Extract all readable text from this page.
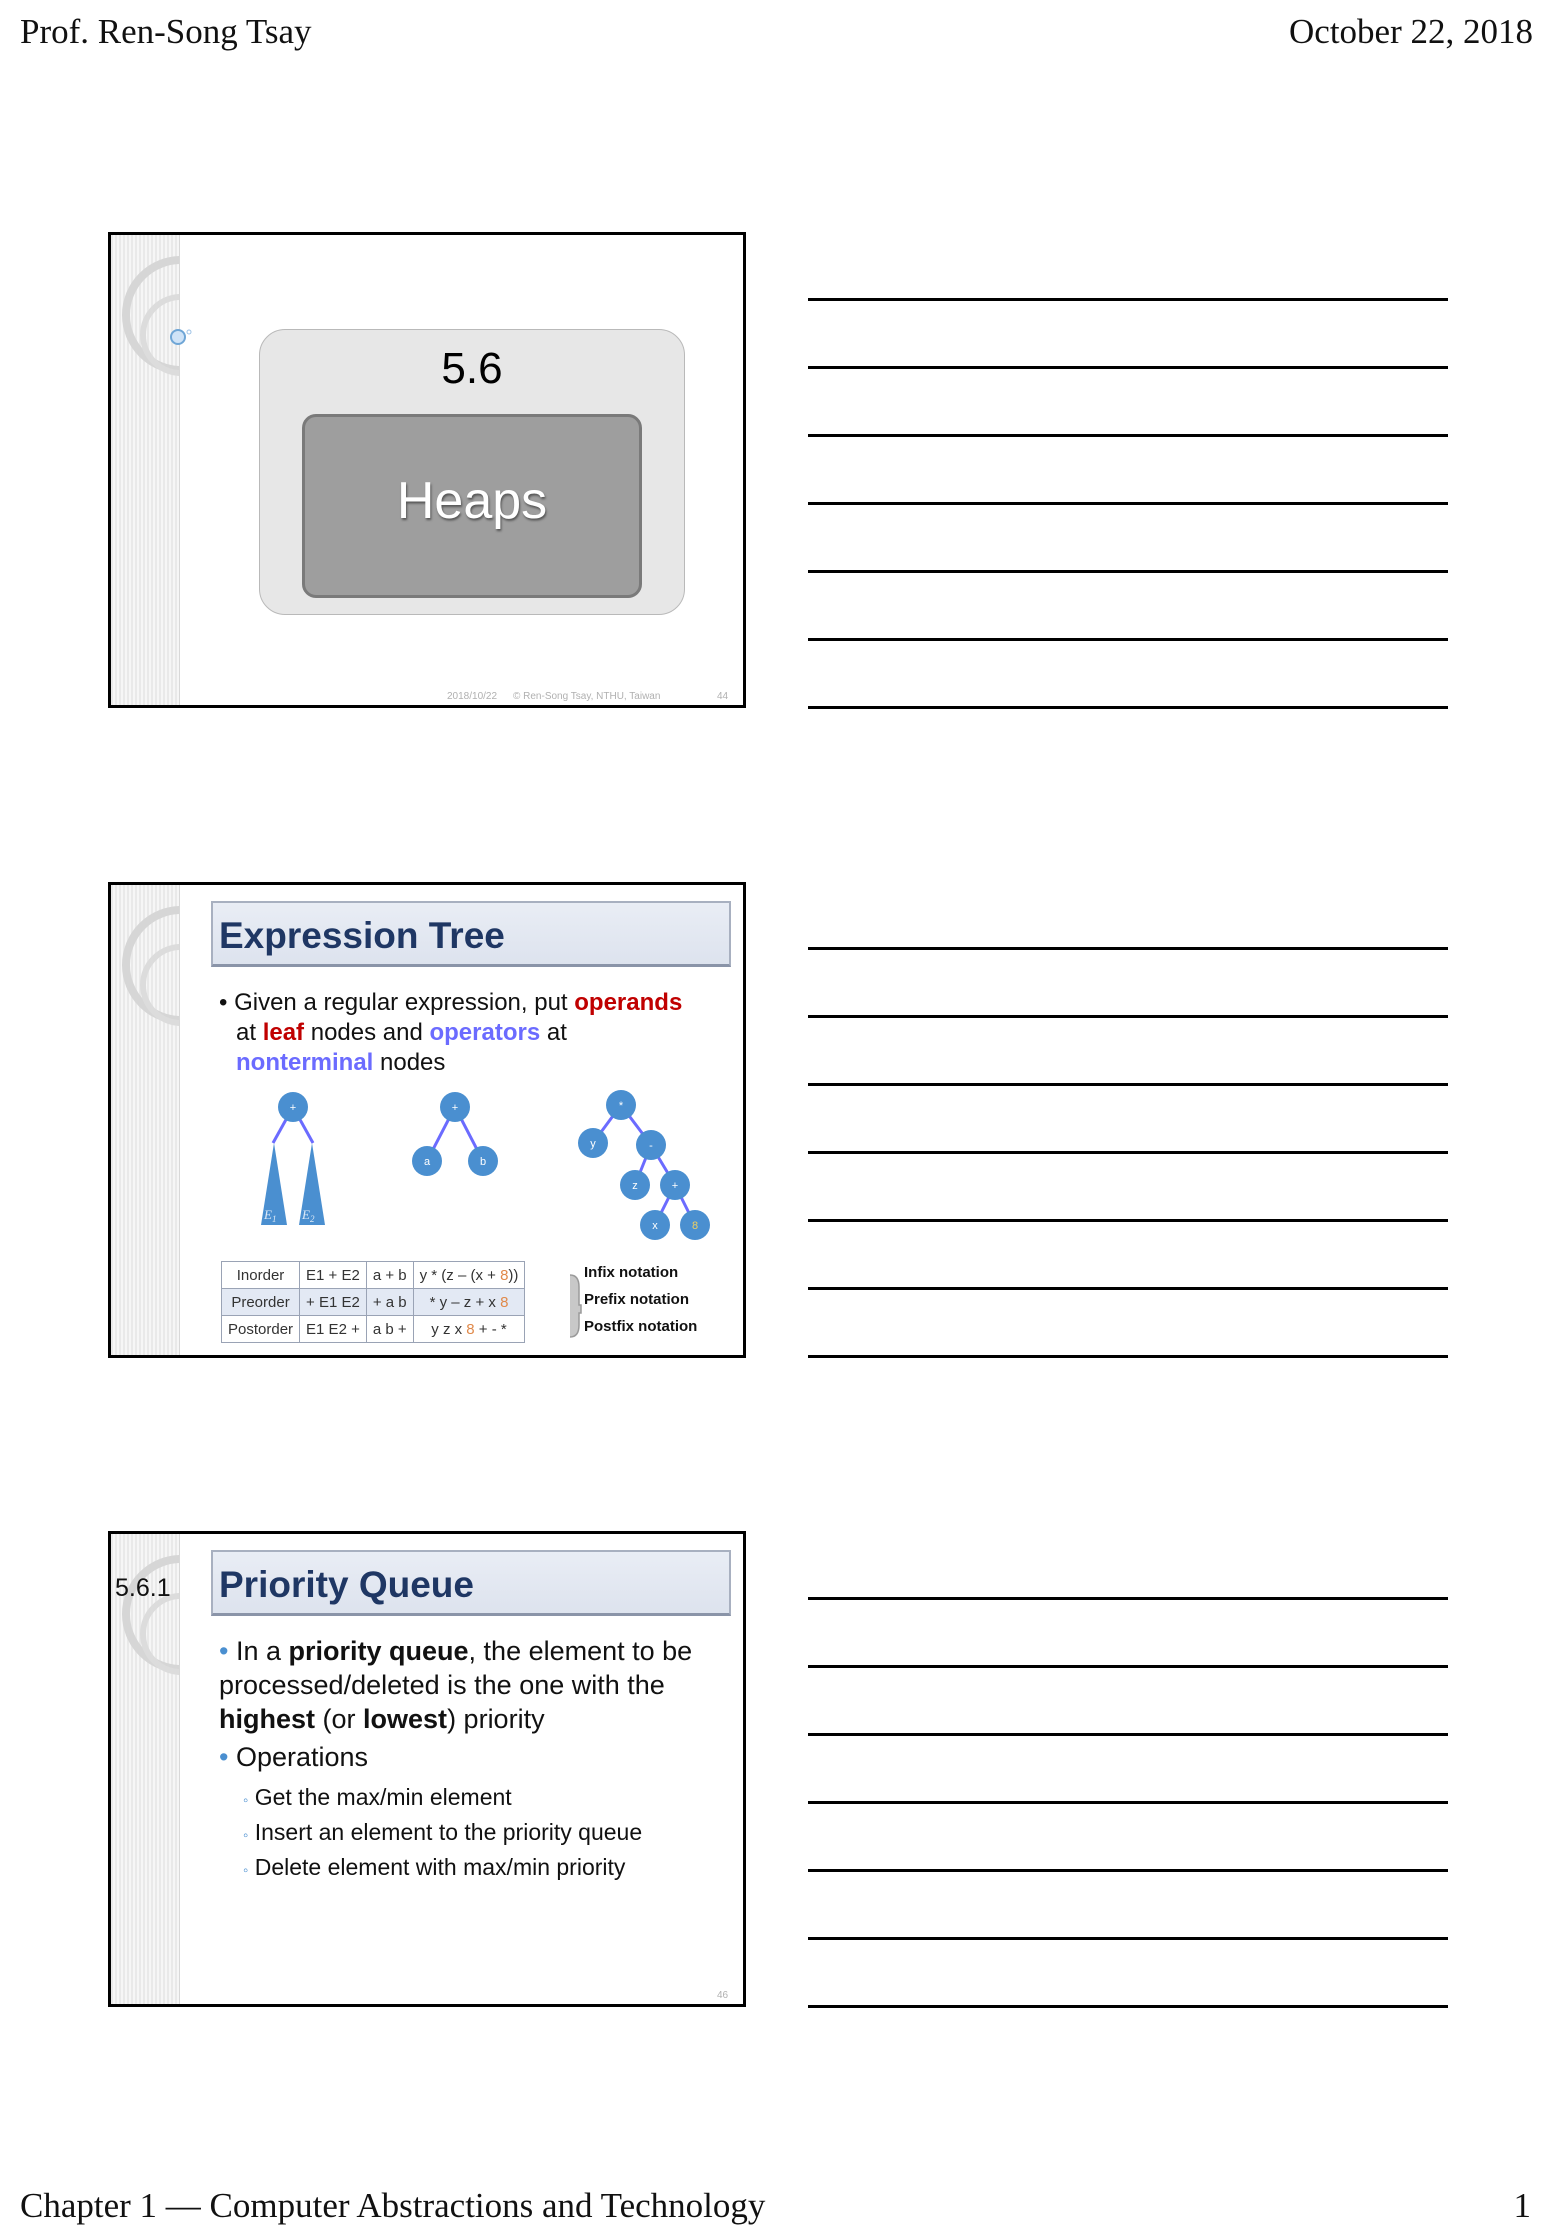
Prof. Ren-Song Tsay	October 22, 2018
5.6
Heaps
2018/10/22 © Ren-Song Tsay, NTHU, Taiwan	44
Expression Tree
• Given a regular expression, put operands
at leaf nodes and operators at
nonterminal nodes
+
$E_1$ $E_2$
+
a	b
*
y	-
z	+
x	8
Inorder	E1 + E2	a + b	y * (z – (x + 8))
Preorder	+ E1 E2	+ a b	* y – z + x 8
Postorder	E1 E2 +	a b +	y z x 8 + - *
Infix notation
Prefix notation
Postfix notation
5.6.1 Priority Queue
• In a priority queue, the element to be processed/deleted is the one with the highest (or lowest) priority
• Operations
◦ Get the max/min element
◦ Insert an element to the priority queue
◦ Delete element with max/min priority
46
Chapter 1 — Computer Abstractions and Technology	1
